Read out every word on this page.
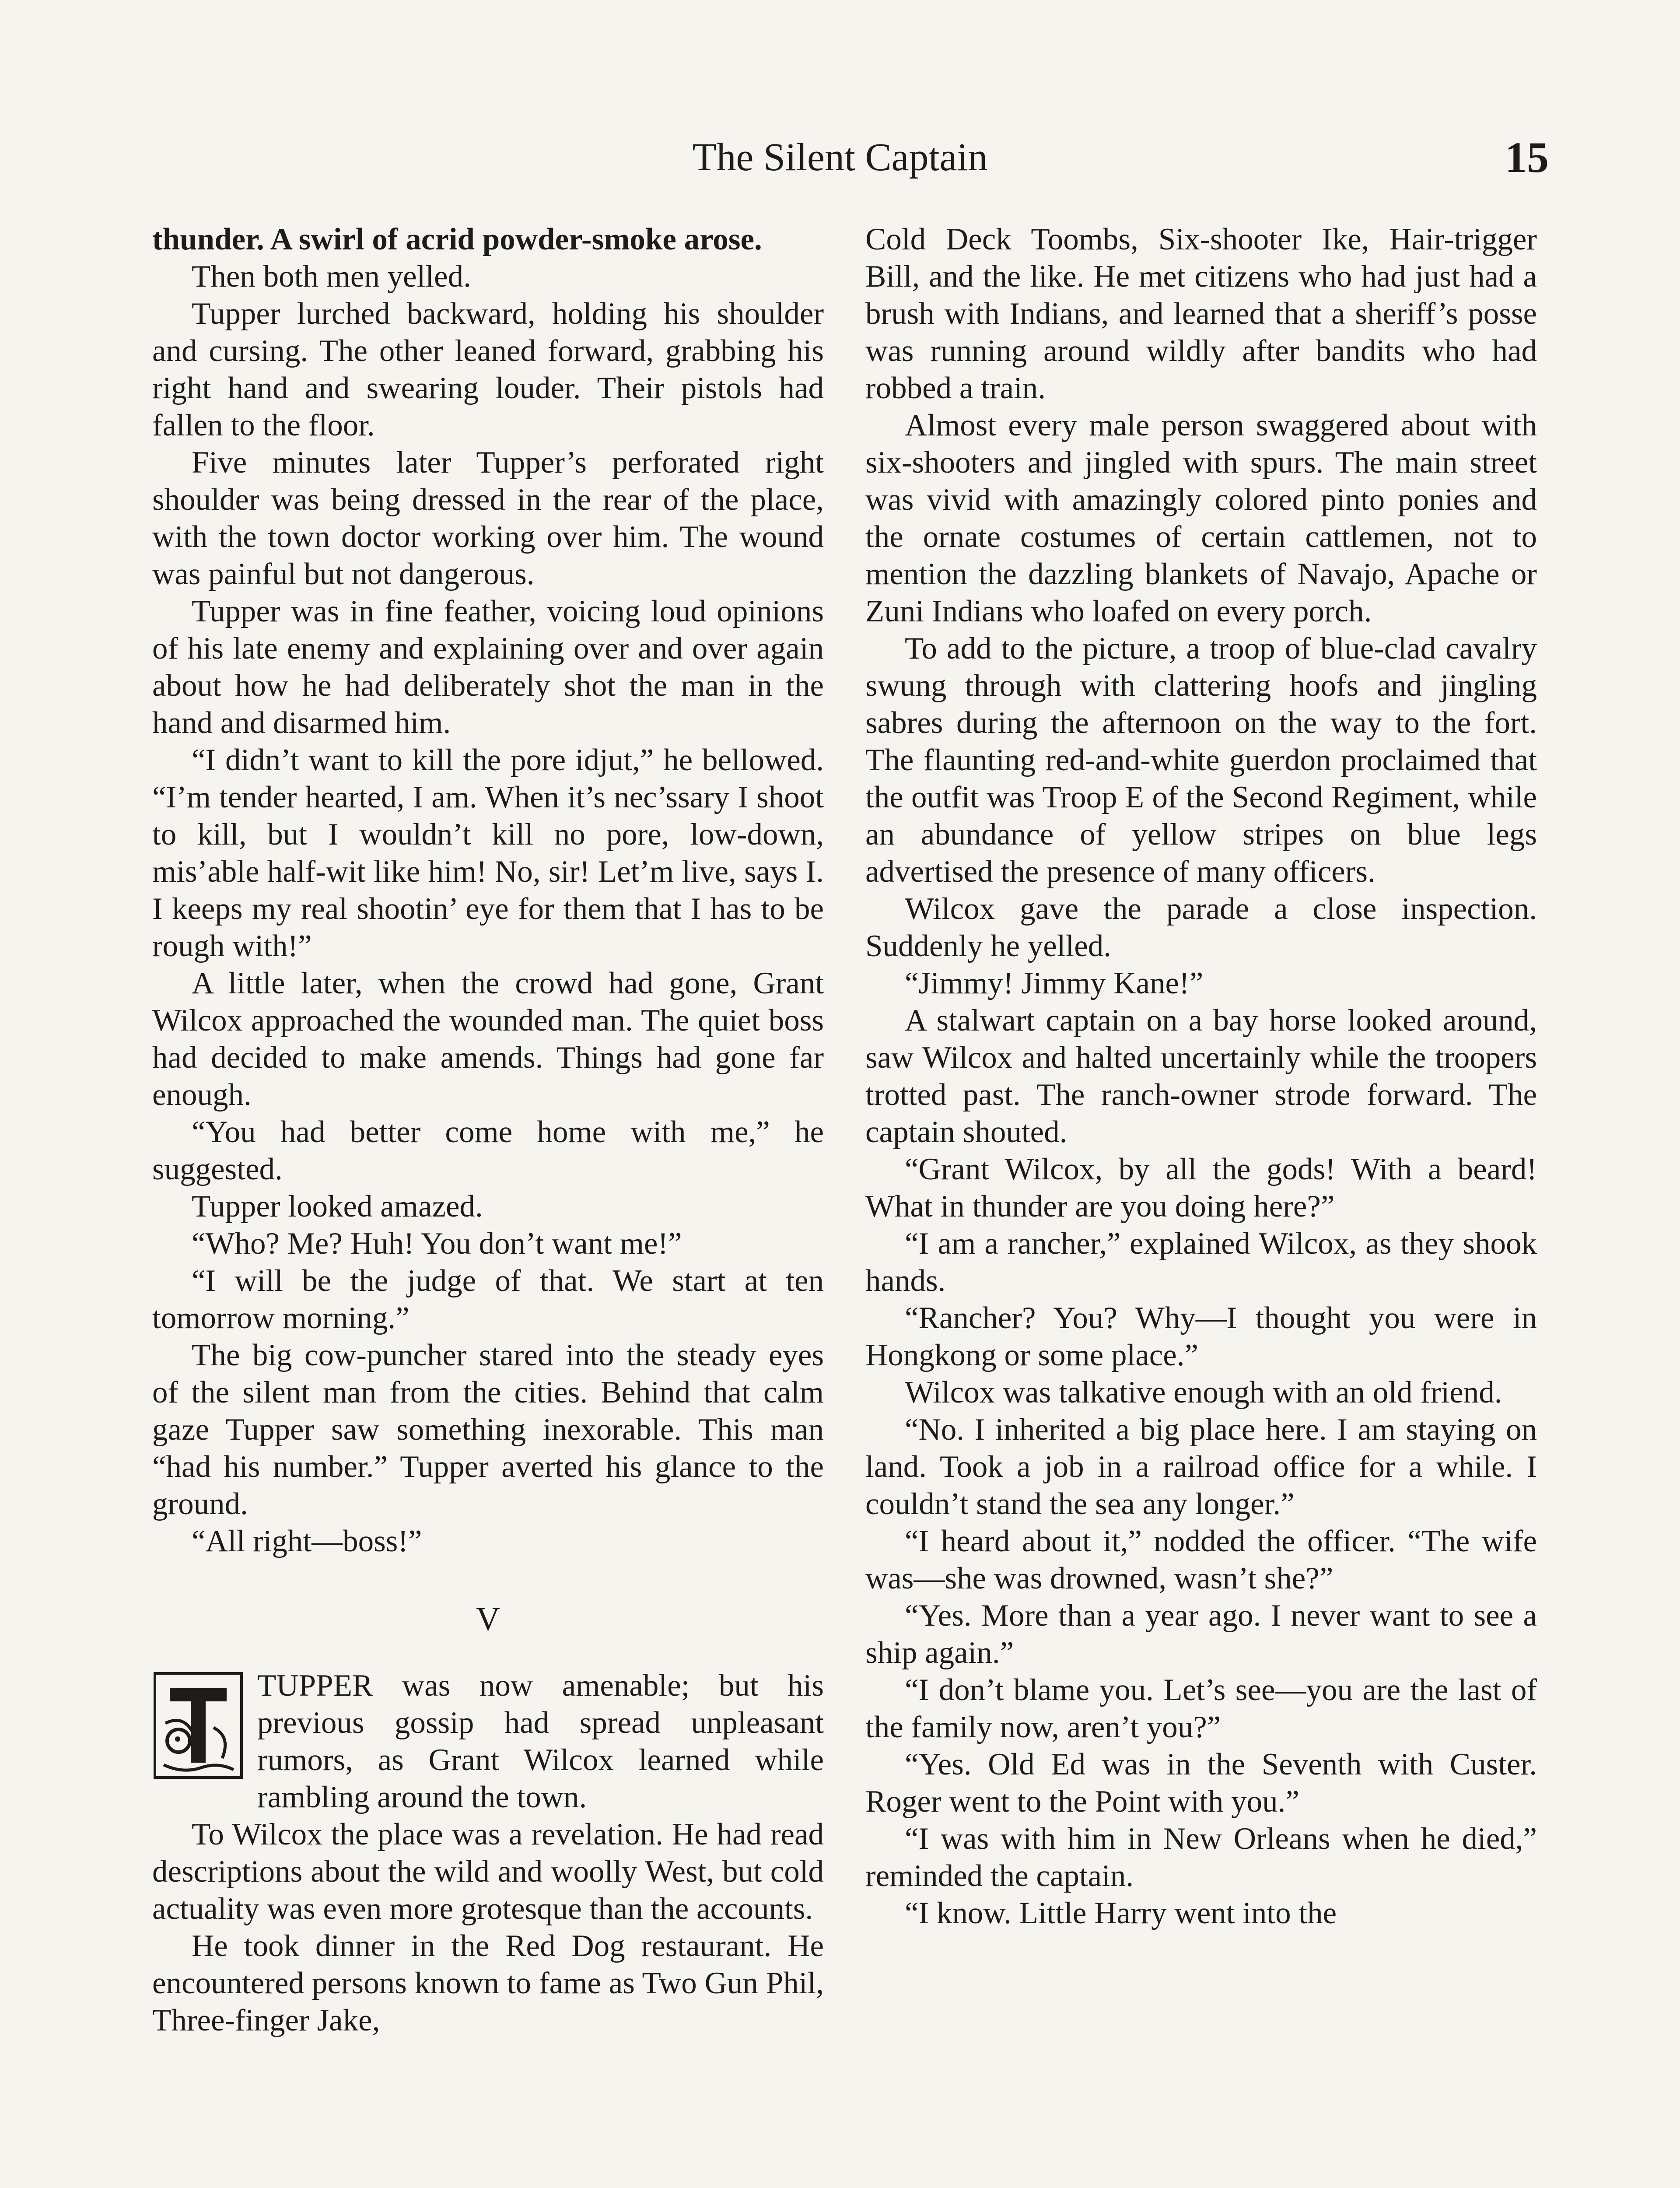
The Silent Captain	15

thunder. A swirl of acrid powder-smoke arose.

Then both men yelled.

Tupper lurched backward, holding his shoulder and cursing. The other leaned forward, grabbing his right hand and swearing louder. Their pistols had fallen to the floor.

Five minutes later Tupper’s perforated right shoulder was being dressed in the rear of the place, with the town doctor working over him. The wound was painful but not dangerous.

Tupper was in fine feather, voicing loud opinions of his late enemy and explaining over and over again about how he had deliberately shot the man in the hand and disarmed him.

“I didn’t want to kill the pore idjut,” he bellowed. “I’m tender hearted, I am. When it’s nec’ssary I shoot to kill, but I wouldn’t kill no pore, low-down, mis’able half-wit like him! No, sir! Let’m live, says I. I keeps my real shootin’ eye for them that I has to be rough with!”

A little later, when the crowd had gone, Grant Wilcox approached the wounded man. The quiet boss had decided to make amends. Things had gone far enough.

“You had better come home with me,” he suggested.

Tupper looked amazed.

“Who? Me? Huh! You don’t want me!”

“I will be the judge of that. We start at ten tomorrow morning.”

The big cow-puncher stared into the steady eyes of the silent man from the cities. Behind that calm gaze Tupper saw something inexorable. This man “had his number.” Tupper averted his glance to the ground.

“All right—boss!”

V

TUPPER was now amenable; but his previous gossip had spread unpleasant rumors, as Grant Wilcox learned while rambling around the town.

To Wilcox the place was a revelation. He had read descriptions about the wild and woolly West, but cold actuality was even more grotesque than the accounts.

He took dinner in the Red Dog restaurant. He encountered persons known to fame as Two Gun Phil, Three-finger Jake,

Cold Deck Toombs, Six-shooter Ike, Hair-trigger Bill, and the like. He met citizens who had just had a brush with Indians, and learned that a sheriff’s posse was running around wildly after bandits who had robbed a train.

Almost every male person swaggered about with six-shooters and jingled with spurs. The main street was vivid with amazingly colored pinto ponies and the ornate costumes of certain cattlemen, not to mention the dazzling blankets of Navajo, Apache or Zuni Indians who loafed on every porch.

To add to the picture, a troop of blue-clad cavalry swung through with clattering hoofs and jingling sabres during the afternoon on the way to the fort. The flaunting red-and-white guerdon proclaimed that the outfit was Troop E of the Second Regiment, while an abundance of yellow stripes on blue legs advertised the presence of many officers.

Wilcox gave the parade a close inspection. Suddenly he yelled.

“Jimmy! Jimmy Kane!”

A stalwart captain on a bay horse looked around, saw Wilcox and halted uncertainly while the troopers trotted past. The ranch-owner strode forward. The captain shouted.

“Grant Wilcox, by all the gods! With a beard! What in thunder are you doing here?”

“I am a rancher,” explained Wilcox, as they shook hands.

“Rancher? You? Why—I thought you were in Hongkong or some place.”

Wilcox was talkative enough with an old friend.

“No. I inherited a big place here. I am staying on land. Took a job in a railroad office for a while. I couldn’t stand the sea any longer.”

“I heard about it,” nodded the officer. “The wife was—she was drowned, wasn’t she?”

“Yes. More than a year ago. I never want to see a ship again.”

“I don’t blame you. Let’s see—you are the last of the family now, aren’t you?”

“Yes. Old Ed was in the Seventh with Custer. Roger went to the Point with you.”

“I was with him in New Orleans when he died,” reminded the captain.

“I know. Little Harry went into the
